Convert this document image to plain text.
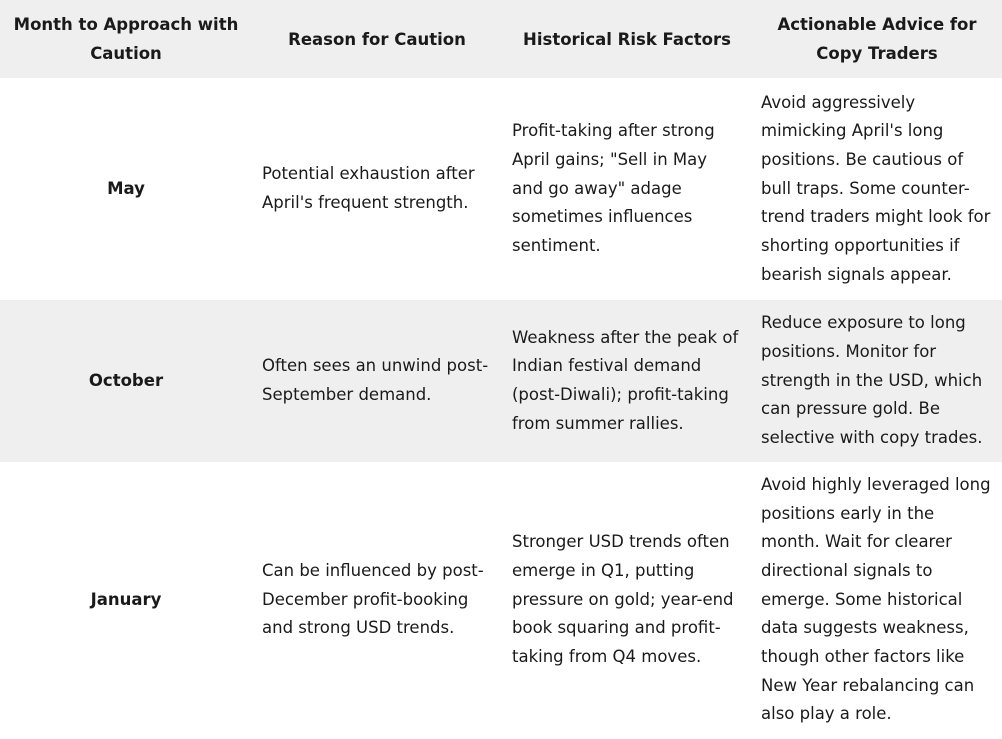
Month to Approach with Caution	Reason for Caution	Historical Risk Factors	Actionable Advice for Copy Traders
May	Potential exhaustion after April's frequent strength.	Profit-taking after strong April gains; "Sell in May and go away" adage sometimes influences sentiment.	Avoid aggressively mimicking April's long positions. Be cautious of bull traps. Some counter-trend traders might look for shorting opportunities if bearish signals appear.
October	Often sees an unwind post-September demand.	Weakness after the peak of Indian festival demand (post-Diwali); profit-taking from summer rallies.	Reduce exposure to long positions. Monitor for strength in the USD, which can pressure gold. Be selective with copy trades.
January	Can be influenced by post-December profit-booking and strong USD trends.	Stronger USD trends often emerge in Q1, putting pressure on gold; year-end book squaring and profit-taking from Q4 moves.	Avoid highly leveraged long positions early in the month. Wait for clearer directional signals to emerge. Some historical data suggests weakness, though other factors like New Year rebalancing can also play a role.
